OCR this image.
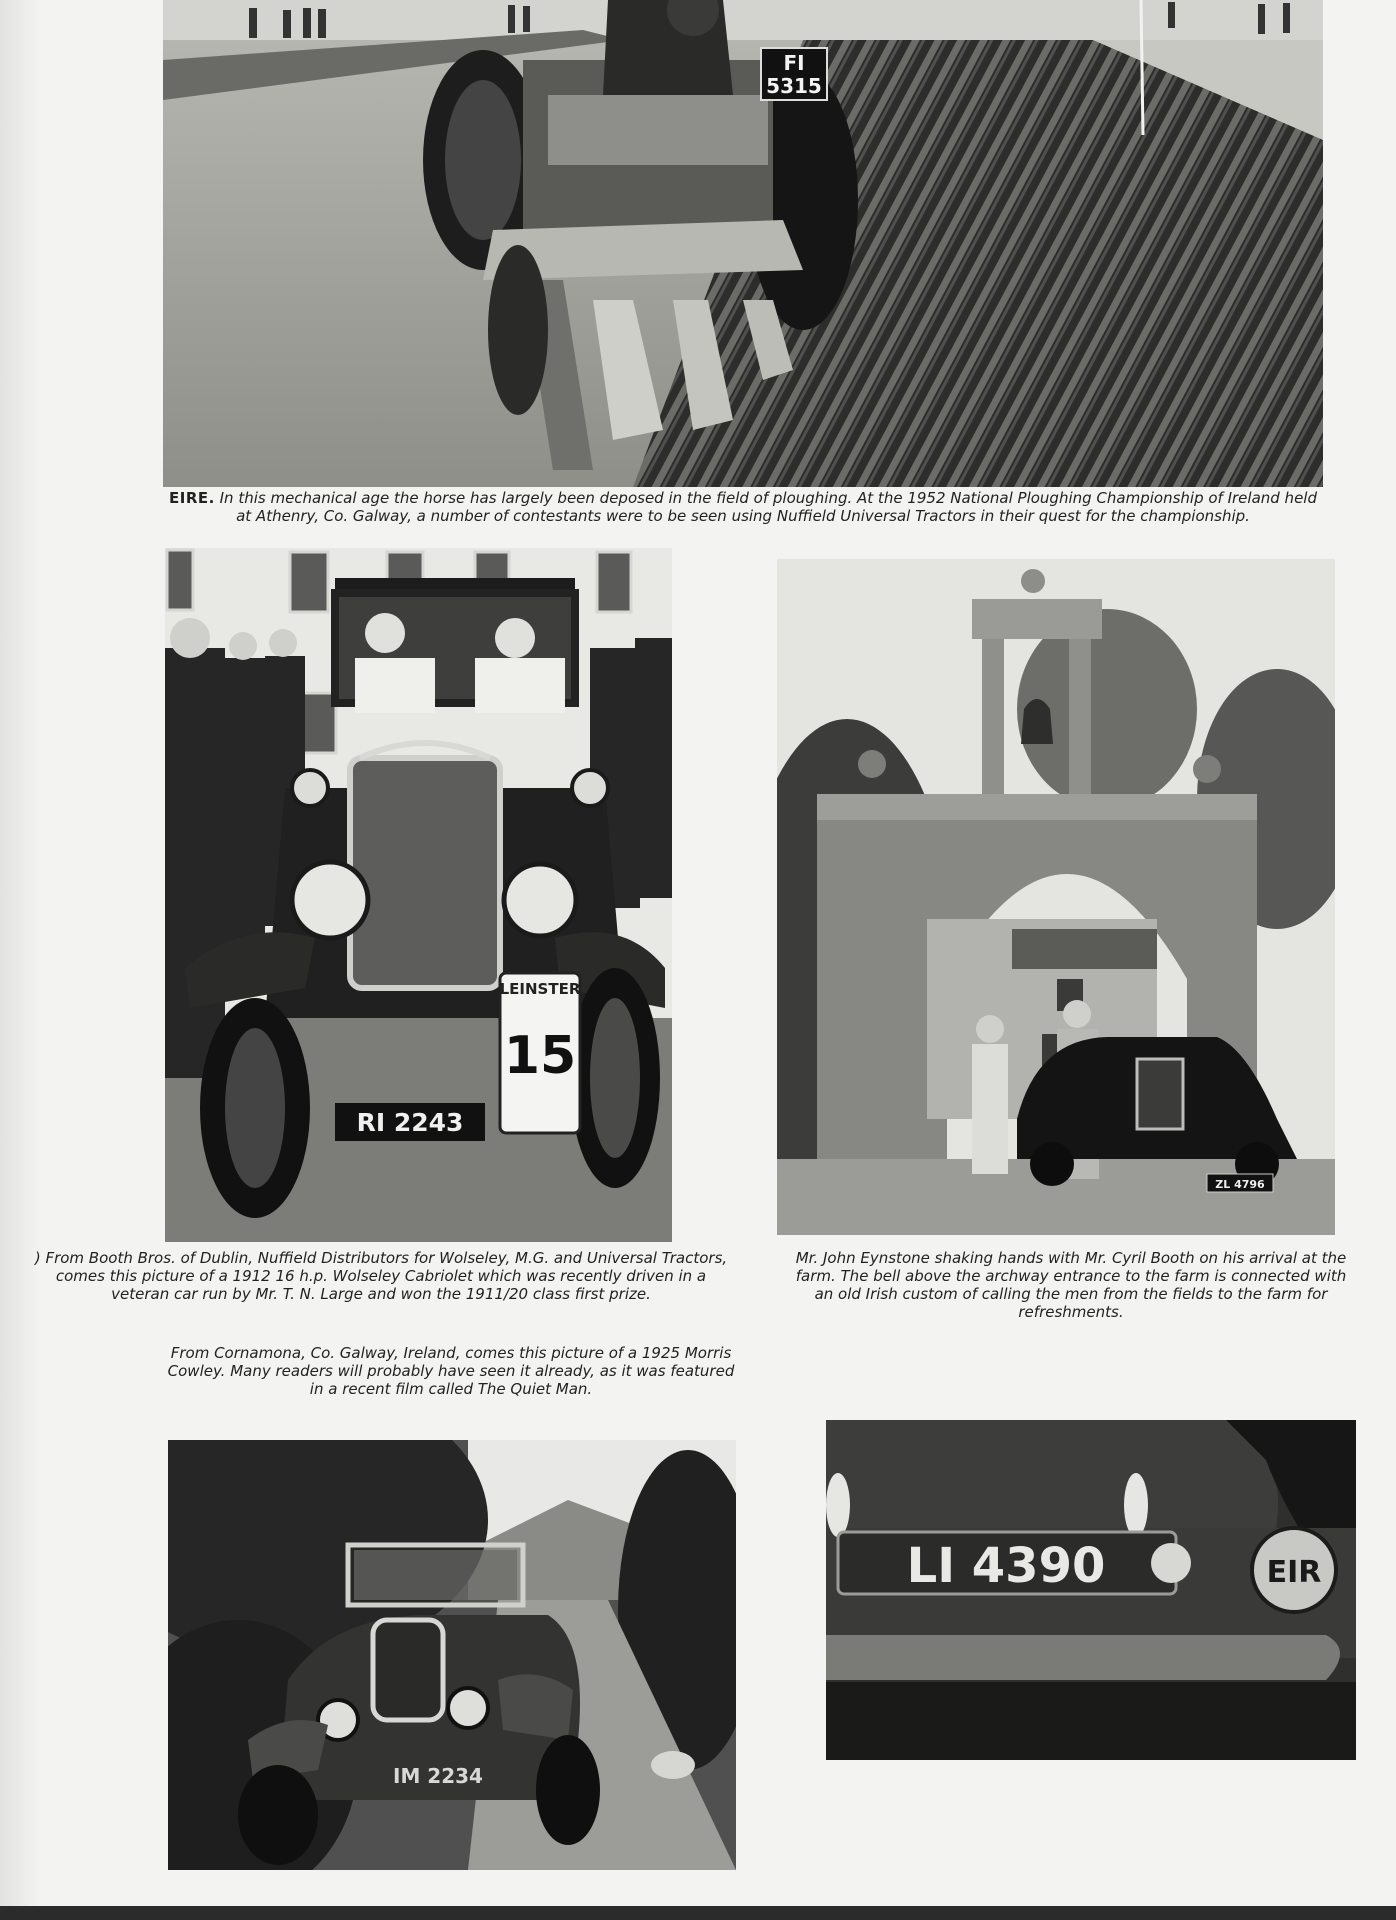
FI
5315

EIRE. In this mechanical age the horse has largely been deposed in the field of ploughing. At the 1952 National Ploughing Championship of Ireland held at Athenry, Co. Galway, a number of contestants were to be seen using Nuffield Universal Tractors in their quest for the championship.

LEINSTER
15
RI 2243
ZL 4796

) From Booth Bros. of Dublin, Nuffield Distributors for Wolseley, M.G. and Universal Tractors, comes this picture of a 1912 16 h.p. Wolseley Cabriolet which was recently driven in a veteran car run by Mr. T. N. Large and won the 1911/20 class first prize.

Mr. John Eynstone shaking hands with Mr. Cyril Booth on his arrival at the farm. The bell above the archway entrance to the farm is connected with an old Irish custom of calling the men from the fields to the farm for refreshments.

From Cornamona, Co. Galway, Ireland, comes this picture of a 1925 Morris Cowley. Many readers will probably have seen it already, as it was featured in a recent film called The Quiet Man.

IM 2234
LI 4390	EIR
